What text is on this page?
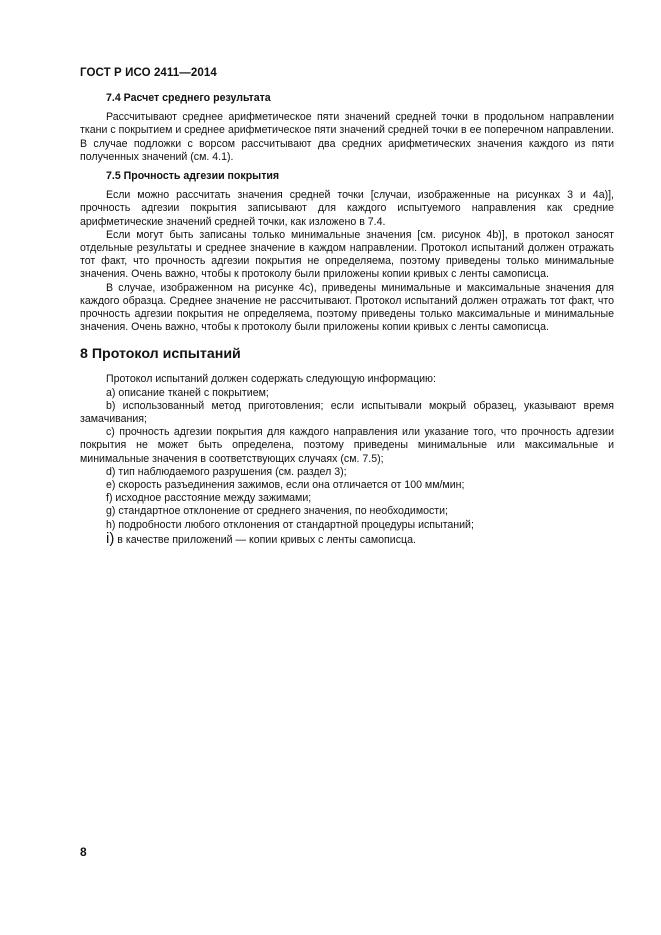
ГОСТ Р ИСО 2411—2014
7.4 Расчет среднего результата

Рассчитывают среднее арифметическое пяти значений средней точки в продольном направлении ткани с покрытием и среднее арифметическое пяти значений средней точки в ее поперечном направлении. В случае подложки с ворсом рассчитывают два средних арифметических значения каждого из пяти полученных значений (см. 4.1).

7.5 Прочность адгезии покрытия

Если можно рассчитать значения средней точки [случаи, изображенные на рисунках 3 и 4а)], прочность адгезии покрытия записывают для каждого испытуемого направления как средние арифметические значений средней точки, как изложено в 7.4.

Если могут быть записаны только минимальные значения [см. рисунок 4b)], в протокол заносят отдельные результаты и среднее значение в каждом направлении. Протокол испытаний должен отражать тот факт, что прочность адгезии покрытия не определяема, поэтому приведены только минимальные значения. Очень важно, чтобы к протоколу были приложены копии кривых с ленты самописца.

В случае, изображенном на рисунке 4с), приведены минимальные и максимальные значения для каждого образца. Среднее значение не рассчитывают. Протокол испытаний должен отражать тот факт, что прочность адгезии покрытия не определяема, поэтому приведены только максимальные и минимальные значения. Очень важно, чтобы к протоколу были приложены копии кривых с ленты самописца.

8 Протокол испытаний

Протокол испытаний должен содержать следующую информацию:

а) описание тканей с покрытием;

b) использованный метод приготовления; если испытывали мокрый образец, указывают время замачивания;

с) прочность адгезии покрытия для каждого направления или указание того, что прочность адгезии покрытия не может быть определена, поэтому приведены минимальные или максимальные и минимальные значения в соответствующих случаях (см. 7.5);

d) тип наблюдаемого разрушения (см. раздел 3);

е) скорость разъединения зажимов, если она отличается от 100 мм/мин;

f) исходное расстояние между зажимами;

g) стандартное отклонение от среднего значения, по необходимости;

h) подробности любого отклонения от стандартной процедуры испытаний;

i) в качестве приложений — копии кривых с ленты самописца.

8
